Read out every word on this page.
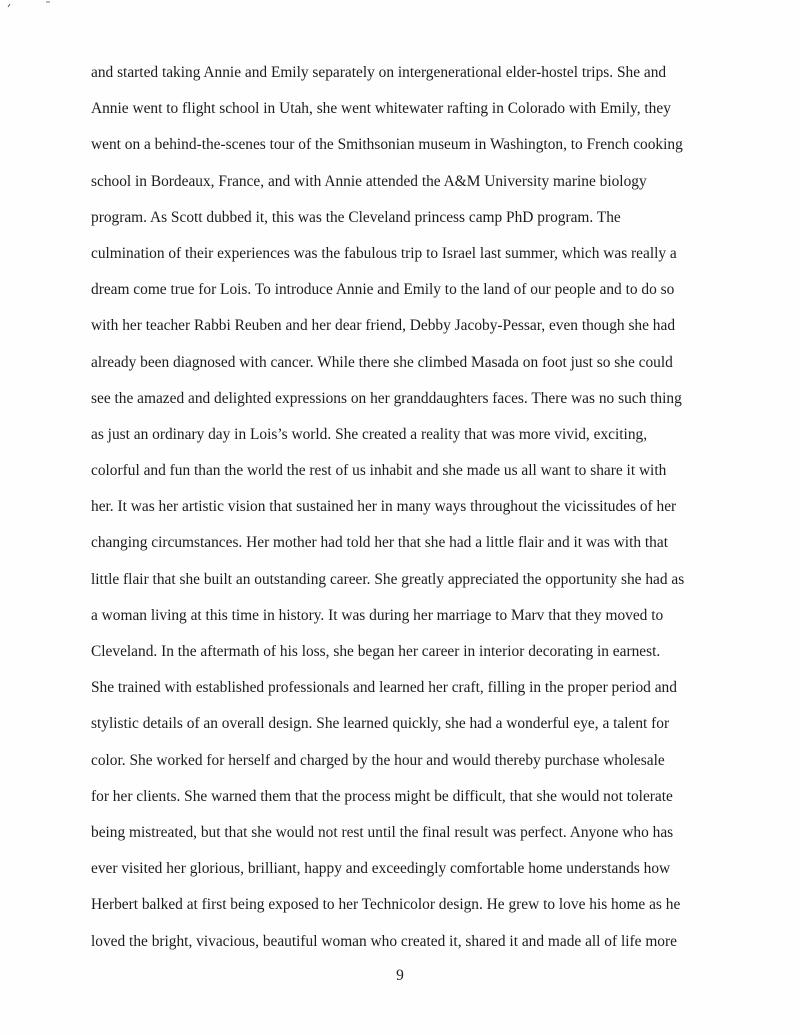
and started taking Annie and Emily separately on intergenerational elder-hostel trips. She and
Annie went to flight school in Utah, she went whitewater rafting in Colorado with Emily, they
went on a behind-the-scenes tour of the Smithsonian museum in Washington, to French cooking
school in Bordeaux, France, and with Annie attended the A&M University marine biology
program. As Scott dubbed it, this was the Cleveland princess camp PhD program. The
culmination of their experiences was the fabulous trip to Israel last summer, which was really a
dream come true for Lois. To introduce Annie and Emily to the land of our people and to do so
with her teacher Rabbi Reuben and her dear friend, Debby Jacoby-Pessar, even though she had
already been diagnosed with cancer. While there she climbed Masada on foot just so she could
see the amazed and delighted expressions on her granddaughters faces. There was no such thing
as just an ordinary day in Lois’s world. She created a reality that was more vivid, exciting,
colorful and fun than the world the rest of us inhabit and she made us all want to share it with
her. It was her artistic vision that sustained her in many ways throughout the vicissitudes of her
changing circumstances. Her mother had told her that she had a little flair and it was with that
little flair that she built an outstanding career. She greatly appreciated the opportunity she had as
a woman living at this time in history. It was during her marriage to Marv that they moved to
Cleveland. In the aftermath of his loss, she began her career in interior decorating in earnest.
She trained with established professionals and learned her craft, filling in the proper period and
stylistic details of an overall design. She learned quickly, she had a wonderful eye, a talent for
color. She worked for herself and charged by the hour and would thereby purchase wholesale
for her clients. She warned them that the process might be difficult, that she would not tolerate
being mistreated, but that she would not rest until the final result was perfect. Anyone who has
ever visited her glorious, brilliant, happy and exceedingly comfortable home understands how
Herbert balked at first being exposed to her Technicolor design. He grew to love his home as he
loved the bright, vivacious, beautiful woman who created it, shared it and made all of life more
9
